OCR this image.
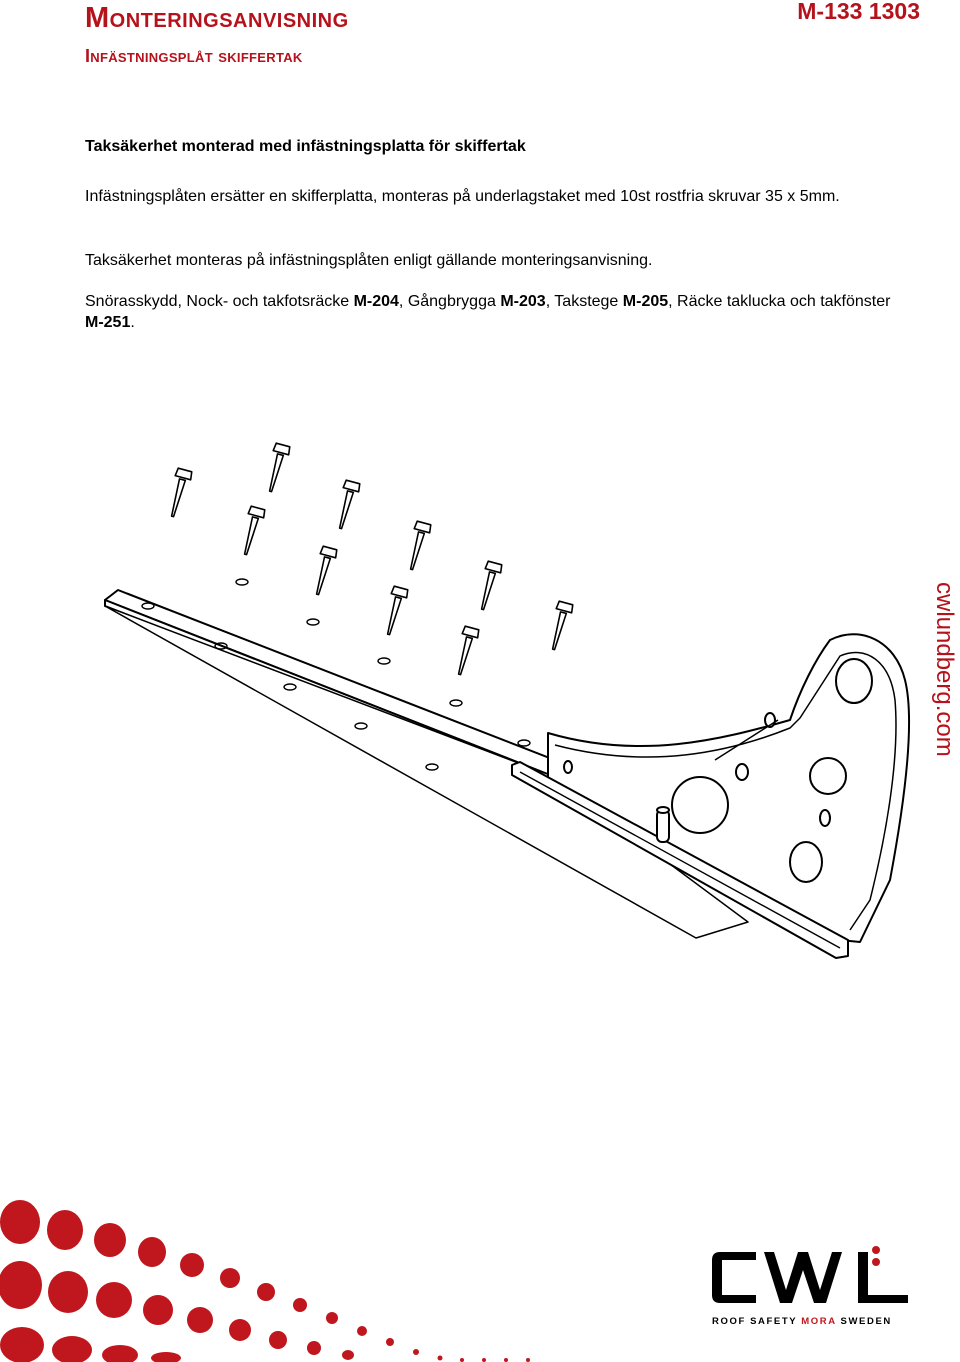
Monteringsanvisning
Infästningsplåt skiffertak
M-133 1303
Taksäkerhet monterad med infästningsplatta för skiffertak
Infästningsplåten ersätter en skifferplatta, monteras på underlagstaket med 10st rostfria skruvar 35 x 5mm.
Taksäkerhet monteras på infästningsplåten enligt gällande monteringsanvisning.
Snörasskydd, Nock- och takfotsräcke M-204, Gångbrygga M-203, Takstege M-205, Räcke taklucka och takfönster M-251.
cwlundberg.com
ROOF SAFETY MORA SWEDEN
